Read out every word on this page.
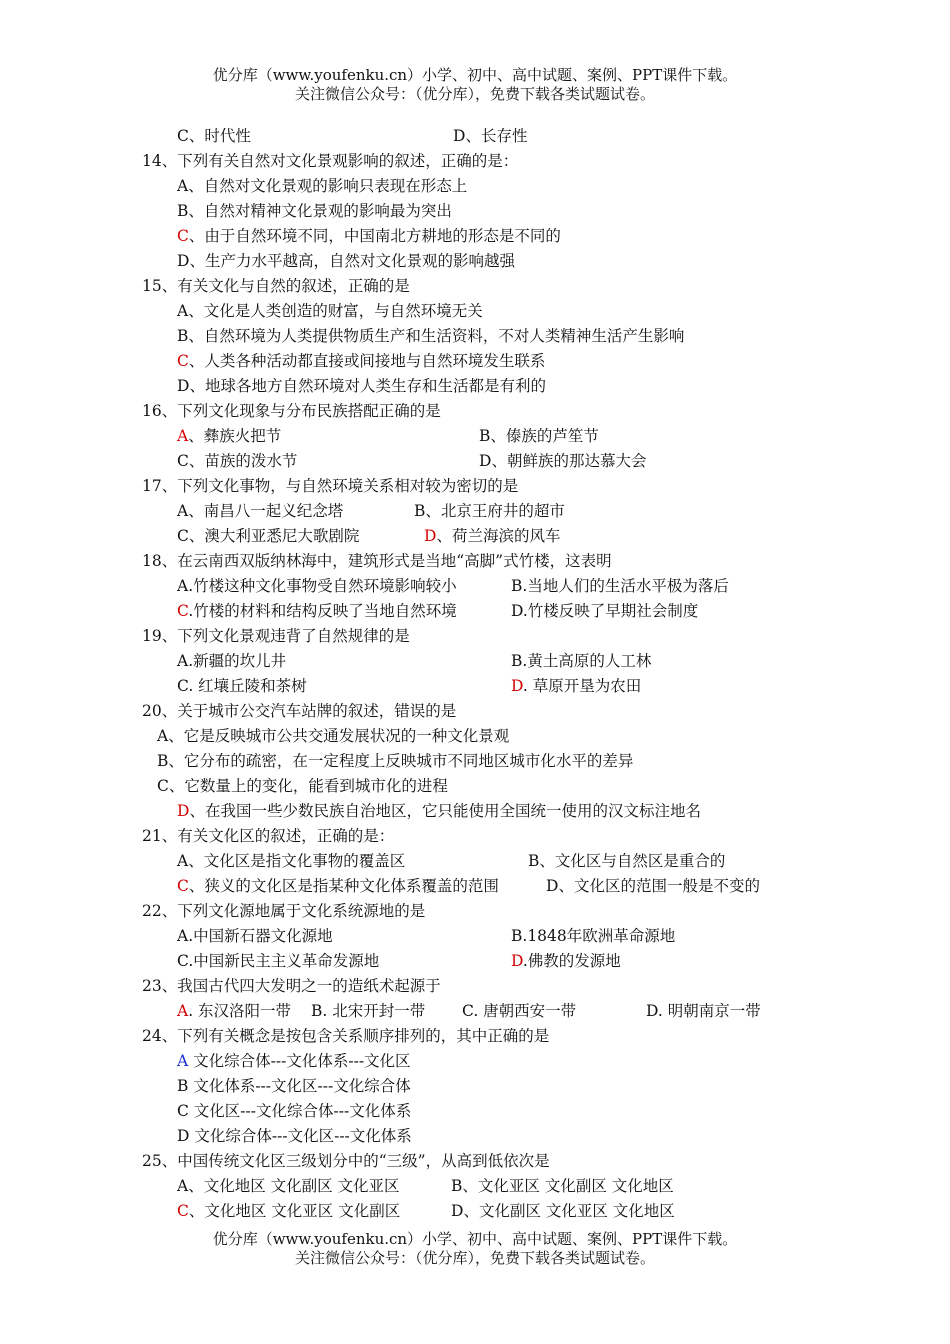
优分库（www.youfenku.cn）小学、初中、高中试题、案例、PPT课件下载。
关注微信公众号：（优分库），免费下载各类试题试卷。
C、时代性	D、长存性
14、下列有关自然对文化景观影响的叙述，正确的是：
A、自然对文化景观的影响只表现在形态上
B、自然对精神文化景观的影响最为突出
C、由于自然环境不同，中国南北方耕地的形态是不同的
D、生产力水平越高，自然对文化景观的影响越强
15、有关文化与自然的叙述，正确的是
A、文化是人类创造的财富，与自然环境无关
B、自然环境为人类提供物质生产和生活资料，不对人类精神生活产生影响
C、人类各种活动都直接或间接地与自然环境发生联系
D、地球各地方自然环境对人类生存和生活都是有利的
16、下列文化现象与分布民族搭配正确的是
A、彝族火把节	B、傣族的芦笙节
C、苗族的泼水节	D、朝鲜族的那达慕大会
17、下列文化事物，与自然环境关系相对较为密切的是
A、南昌八一起义纪念塔	B、北京王府井的超市
C、澳大利亚悉尼大歌剧院	D、荷兰海滨的风车
18、在云南西双版纳林海中，建筑形式是当地“高脚”式竹楼，这表明
A.竹楼这种文化事物受自然环境影响较小	B.当地人们的生活水平极为落后
C.竹楼的材料和结构反映了当地自然环境	D.竹楼反映了早期社会制度
19、下列文化景观违背了自然规律的是
A.新疆的坎儿井	B.黄土高原的人工林
C. 红壤丘陵和茶树	D. 草原开垦为农田
20、关于城市公交汽车站牌的叙述，错误的是
A、它是反映城市公共交通发展状况的一种文化景观
B、它分布的疏密，在一定程度上反映城市不同地区城市化水平的差异
C、它数量上的变化，能看到城市化的进程
D、在我国一些少数民族自治地区，它只能使用全国统一使用的汉文标注地名
21、有关文化区的叙述，正确的是：
A、文化区是指文化事物的覆盖区	B、文化区与自然区是重合的
C、狭义的文化区是指某种文化体系覆盖的范围	D、文化区的范围一般是不变的
22、下列文化源地属于文化系统源地的是
A.中国新石器文化源地	B.1848年欧洲革命源地
C.中国新民主主义革命发源地	D.佛教的发源地
23、我国古代四大发明之一的造纸术起源于
A. 东汉洛阳一带 B. 北宋开封一带 C. 唐朝西安一带	D. 明朝南京一带
24、下列有关概念是按包含关系顺序排列的，其中正确的是
A 文化综合体---文化体系---文化区
B 文化体系---文化区---文化综合体
C 文化区---文化综合体---文化体系
D 文化综合体---文化区---文化体系
25、中国传统文化区三级划分中的“三级”，从高到低依次是
A、文化地区 文化副区 文化亚区	B、文化亚区 文化副区 文化地区
C、文化地区 文化亚区 文化副区	D、文化副区 文化亚区 文化地区
优分库（www.youfenku.cn）小学、初中、高中试题、案例、PPT课件下载。
关注微信公众号：（优分库），免费下载各类试题试卷。
